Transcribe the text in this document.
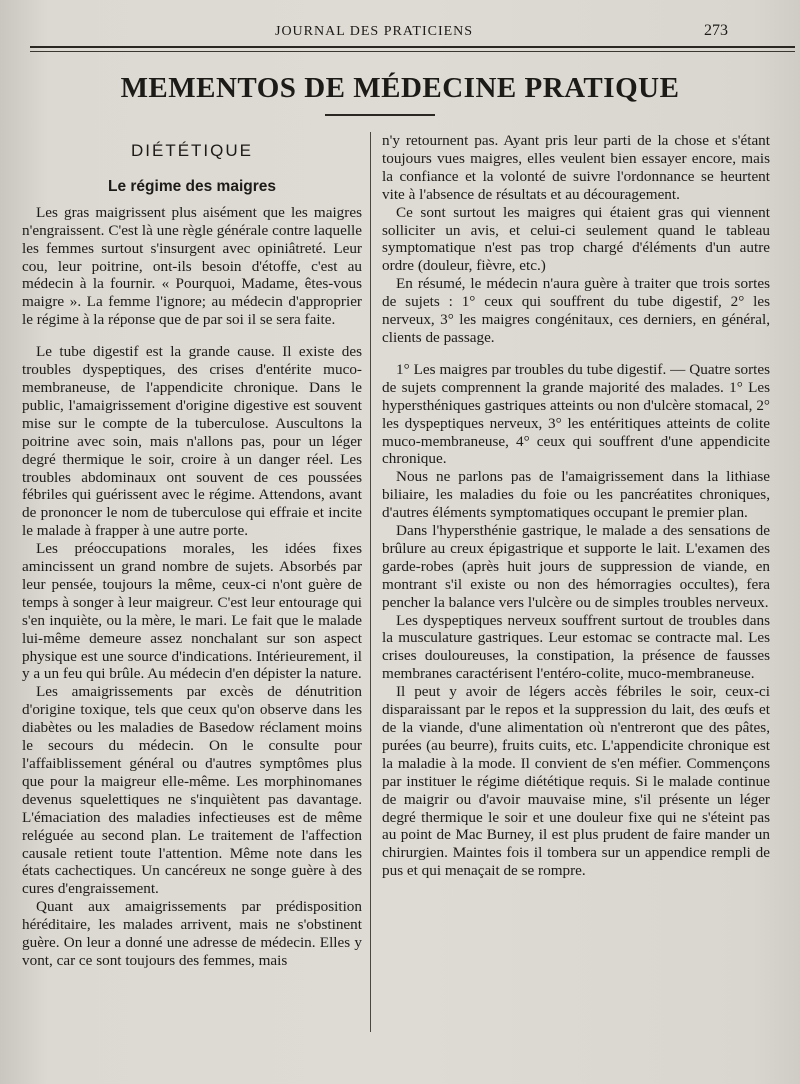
JOURNAL DES PRATICIENS	273
MEMENTOS DE MÉDECINE PRATIQUE
DIÉTÉTIQUE
Le régime des maigres

Les gras maigrissent plus aisément que les maigres n'engraissent. C'est là une règle générale contre laquelle les femmes surtout s'insurgent avec opiniâtreté. Leur cou, leur poitrine, ont-ils besoin d'étoffe, c'est au médecin à la fournir. « Pourquoi, Madame, êtes-vous maigre ». La femme l'ignore; au médecin d'approprier le régime à la réponse que de par soi il se sera faite.

Le tube digestif est la grande cause. Il existe des troubles dyspeptiques, des crises d'entérite muco-membraneuse, de l'appendicite chronique. Dans le public, l'amaigrissement d'origine digestive est souvent mise sur le compte de la tuberculose. Auscultons la poitrine avec soin, mais n'allons pas, pour un léger degré thermique le soir, croire à un danger réel. Les troubles abdominaux ont souvent de ces poussées fébriles qui guérissent avec le régime. Attendons, avant de prononcer le nom de tuberculose qui effraie et incite le malade à frapper à une autre porte.

Les préoccupations morales, les idées fixes amincissent un grand nombre de sujets. Absorbés par leur pensée, toujours la même, ceux-ci n'ont guère de temps à songer à leur maigreur. C'est leur entourage qui s'en inquiète, ou la mère, le mari. Le fait que le malade lui-même demeure assez nonchalant sur son aspect physique est une source d'indications. Intérieurement, il y a un feu qui brûle. Au médecin d'en dépister la nature.

Les amaigrissements par excès de dénutrition d'origine toxique, tels que ceux qu'on observe dans les diabètes ou les maladies de Basedow réclament moins le secours du médecin. On le consulte pour l'affaiblissement général ou d'autres symptômes plus que pour la maigreur elle-même. Les morphinomanes devenus squelettiques ne s'inquiètent pas davantage. L'émaciation des maladies infectieuses est de même reléguée au second plan. Le traitement de l'affection causale retient toute l'attention. Même note dans les états cachectiques. Un cancéreux ne songe guère à des cures d'engraissement.

Quant aux amaigrissements par prédisposition héréditaire, les malades arrivent, mais ne s'obstinent guère. On leur a donné une adresse de médecin. Elles y vont, car ce sont toujours des femmes, mais

n'y retournent pas. Ayant pris leur parti de la chose et s'étant toujours vues maigres, elles veulent bien essayer encore, mais la confiance et la volonté de suivre l'ordonnance se heurtent vite à l'absence de résultats et au découragement.

Ce sont surtout les maigres qui étaient gras qui viennent solliciter un avis, et celui-ci seulement quand le tableau symptomatique n'est pas trop chargé d'éléments d'un autre ordre (douleur, fièvre, etc.)

En résumé, le médecin n'aura guère à traiter que trois sortes de sujets : 1° ceux qui souffrent du tube digestif, 2° les nerveux, 3° les maigres congénitaux, ces derniers, en général, clients de passage.

1° Les maigres par troubles du tube digestif. — Quatre sortes de sujets comprennent la grande majorité des malades. 1° Les hypersthéniques gastriques atteints ou non d'ulcère stomacal, 2° les dyspeptiques nerveux, 3° les entéritiques atteints de colite muco-membraneuse, 4° ceux qui souffrent d'une appendicite chronique.

Nous ne parlons pas de l'amaigrissement dans la lithiase biliaire, les maladies du foie ou les pancréatites chroniques, d'autres éléments symptomatiques occupant le premier plan.

Dans l'hypersthénie gastrique, le malade a des sensations de brûlure au creux épigastrique et supporte le lait. L'examen des garde-robes (après huit jours de suppression de viande, en montrant s'il existe ou non des hémorragies occultes), fera pencher la balance vers l'ulcère ou de simples troubles nerveux.

Les dyspeptiques nerveux souffrent surtout de troubles dans la musculature gastriques. Leur estomac se contracte mal. Les crises douloureuses, la constipation, la présence de fausses membranes caractérisent l'entéro-colite, muco-membraneuse.

Il peut y avoir de légers accès fébriles le soir, ceux-ci disparaissant par le repos et la suppression du lait, des œufs et de la viande, d'une alimentation où n'entreront que des pâtes, purées (au beurre), fruits cuits, etc. L'appendicite chronique est la maladie à la mode. Il convient de s'en méfier. Commençons par instituer le régime diététique requis. Si le malade continue de maigrir ou d'avoir mauvaise mine, s'il présente un léger degré thermique le soir et une douleur fixe qui ne s'éteint pas au point de Mac Burney, il est plus prudent de faire mander un chirurgien. Maintes fois il tombera sur un appendice rempli de pus et qui menaçait de se rompre.
